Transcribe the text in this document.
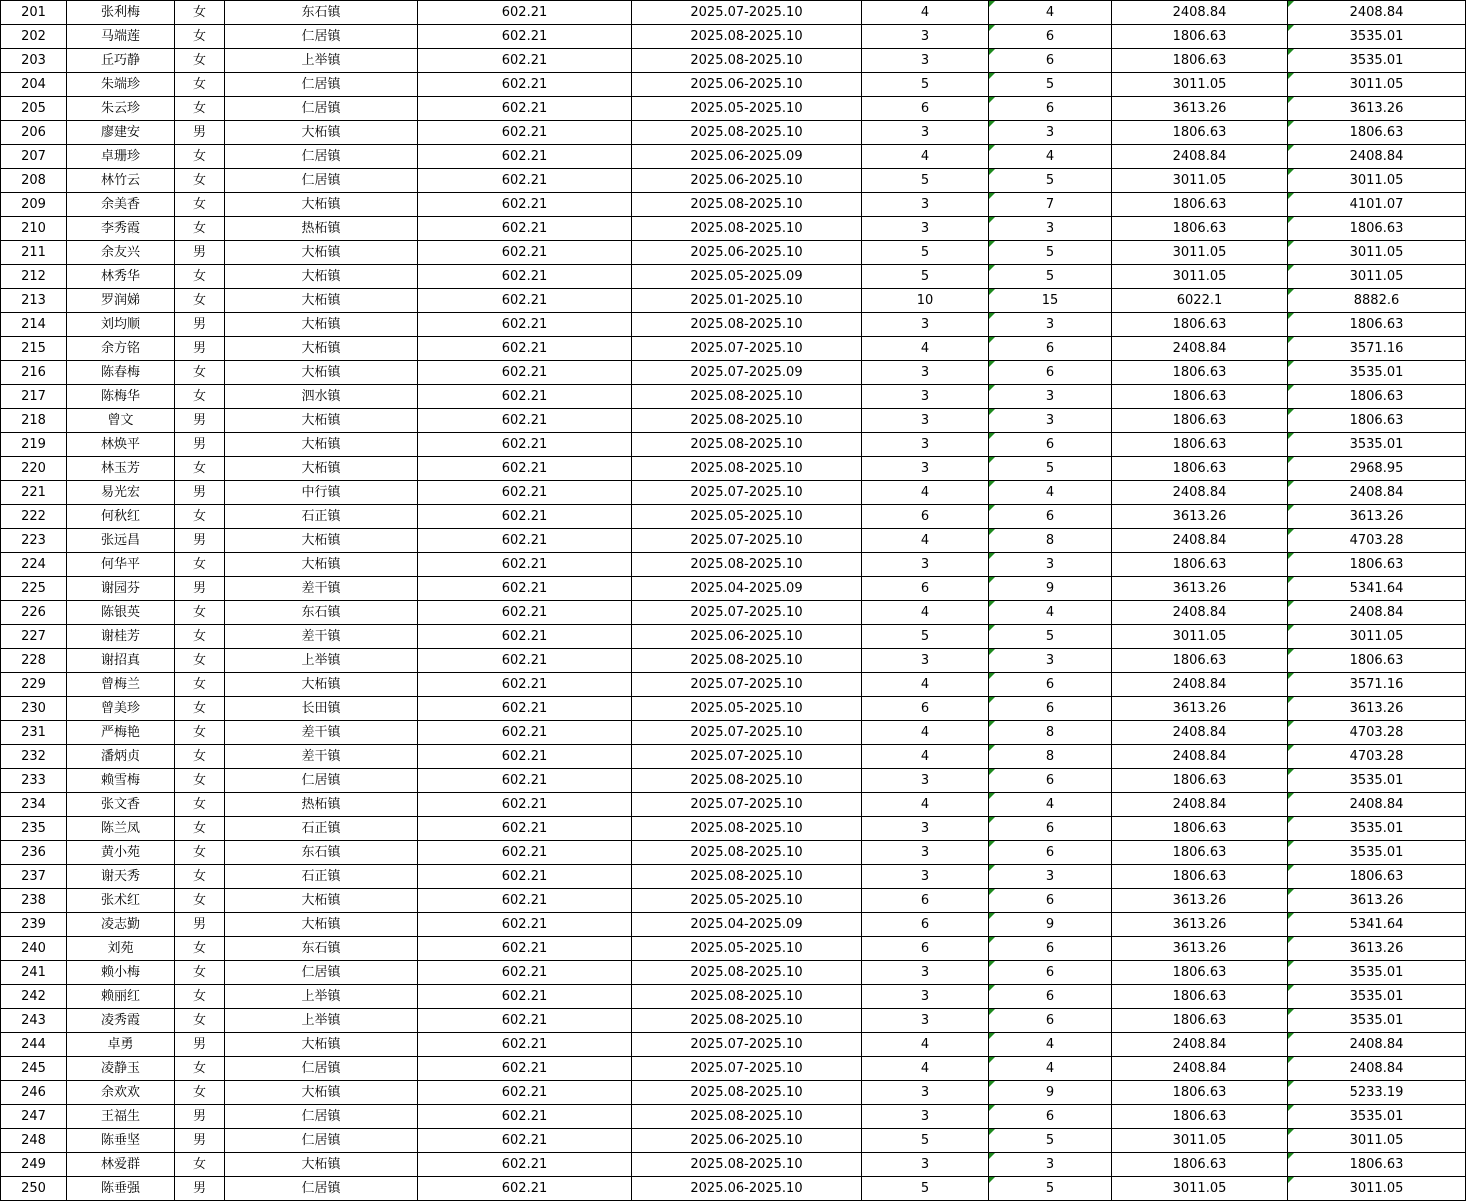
201	张利梅	女	东石镇	602.21	2025.07-2025.10	4	4	2408.84	2408.84
202	马端莲	女	仁居镇	602.21	2025.08-2025.10	3	6	1806.63	3535.01
203	丘巧静	女	上举镇	602.21	2025.08-2025.10	3	6	1806.63	3535.01
204	朱端珍	女	仁居镇	602.21	2025.06-2025.10	5	5	3011.05	3011.05
205	朱云珍	女	仁居镇	602.21	2025.05-2025.10	6	6	3613.26	3613.26
206	廖建安	男	大柘镇	602.21	2025.08-2025.10	3	3	1806.63	1806.63
207	卓珊珍	女	仁居镇	602.21	2025.06-2025.09	4	4	2408.84	2408.84
208	林竹云	女	仁居镇	602.21	2025.06-2025.10	5	5	3011.05	3011.05
209	余美香	女	大柘镇	602.21	2025.08-2025.10	3	7	1806.63	4101.07
210	李秀霞	女	热柘镇	602.21	2025.08-2025.10	3	3	1806.63	1806.63
211	余友兴	男	大柘镇	602.21	2025.06-2025.10	5	5	3011.05	3011.05
212	林秀华	女	大柘镇	602.21	2025.05-2025.09	5	5	3011.05	3011.05
213	罗润娣	女	大柘镇	602.21	2025.01-2025.10	10	15	6022.1	8882.6
214	刘均顺	男	大柘镇	602.21	2025.08-2025.10	3	3	1806.63	1806.63
215	余方铭	男	大柘镇	602.21	2025.07-2025.10	4	6	2408.84	3571.16
216	陈春梅	女	大柘镇	602.21	2025.07-2025.09	3	6	1806.63	3535.01
217	陈梅华	女	泗水镇	602.21	2025.08-2025.10	3	3	1806.63	1806.63
218	曾文	男	大柘镇	602.21	2025.08-2025.10	3	3	1806.63	1806.63
219	林焕平	男	大柘镇	602.21	2025.08-2025.10	3	6	1806.63	3535.01
220	林玉芳	女	大柘镇	602.21	2025.08-2025.10	3	5	1806.63	2968.95
221	易光宏	男	中行镇	602.21	2025.07-2025.10	4	4	2408.84	2408.84
222	何秋红	女	石正镇	602.21	2025.05-2025.10	6	6	3613.26	3613.26
223	张远昌	男	大柘镇	602.21	2025.07-2025.10	4	8	2408.84	4703.28
224	何华平	女	大柘镇	602.21	2025.08-2025.10	3	3	1806.63	1806.63
225	谢园芬	男	差干镇	602.21	2025.04-2025.09	6	9	3613.26	5341.64
226	陈银英	女	东石镇	602.21	2025.07-2025.10	4	4	2408.84	2408.84
227	谢桂芳	女	差干镇	602.21	2025.06-2025.10	5	5	3011.05	3011.05
228	谢招真	女	上举镇	602.21	2025.08-2025.10	3	3	1806.63	1806.63
229	曾梅兰	女	大柘镇	602.21	2025.07-2025.10	4	6	2408.84	3571.16
230	曾美珍	女	长田镇	602.21	2025.05-2025.10	6	6	3613.26	3613.26
231	严梅艳	女	差干镇	602.21	2025.07-2025.10	4	8	2408.84	4703.28
232	潘炳贞	女	差干镇	602.21	2025.07-2025.10	4	8	2408.84	4703.28
233	赖雪梅	女	仁居镇	602.21	2025.08-2025.10	3	6	1806.63	3535.01
234	张文香	女	热柘镇	602.21	2025.07-2025.10	4	4	2408.84	2408.84
235	陈兰凤	女	石正镇	602.21	2025.08-2025.10	3	6	1806.63	3535.01
236	黄小苑	女	东石镇	602.21	2025.08-2025.10	3	6	1806.63	3535.01
237	谢天秀	女	石正镇	602.21	2025.08-2025.10	3	3	1806.63	1806.63
238	张术红	女	大柘镇	602.21	2025.05-2025.10	6	6	3613.26	3613.26
239	凌志勤	男	大柘镇	602.21	2025.04-2025.09	6	9	3613.26	5341.64
240	刘苑	女	东石镇	602.21	2025.05-2025.10	6	6	3613.26	3613.26
241	赖小梅	女	仁居镇	602.21	2025.08-2025.10	3	6	1806.63	3535.01
242	赖丽红	女	上举镇	602.21	2025.08-2025.10	3	6	1806.63	3535.01
243	凌秀霞	女	上举镇	602.21	2025.08-2025.10	3	6	1806.63	3535.01
244	卓勇	男	大柘镇	602.21	2025.07-2025.10	4	4	2408.84	2408.84
245	凌静玉	女	仁居镇	602.21	2025.07-2025.10	4	4	2408.84	2408.84
246	余欢欢	女	大柘镇	602.21	2025.08-2025.10	3	9	1806.63	5233.19
247	王福生	男	仁居镇	602.21	2025.08-2025.10	3	6	1806.63	3535.01
248	陈垂坚	男	仁居镇	602.21	2025.06-2025.10	5	5	3011.05	3011.05
249	林爱群	女	大柘镇	602.21	2025.08-2025.10	3	3	1806.63	1806.63
250	陈垂强	男	仁居镇	602.21	2025.06-2025.10	5	5	3011.05	3011.05
